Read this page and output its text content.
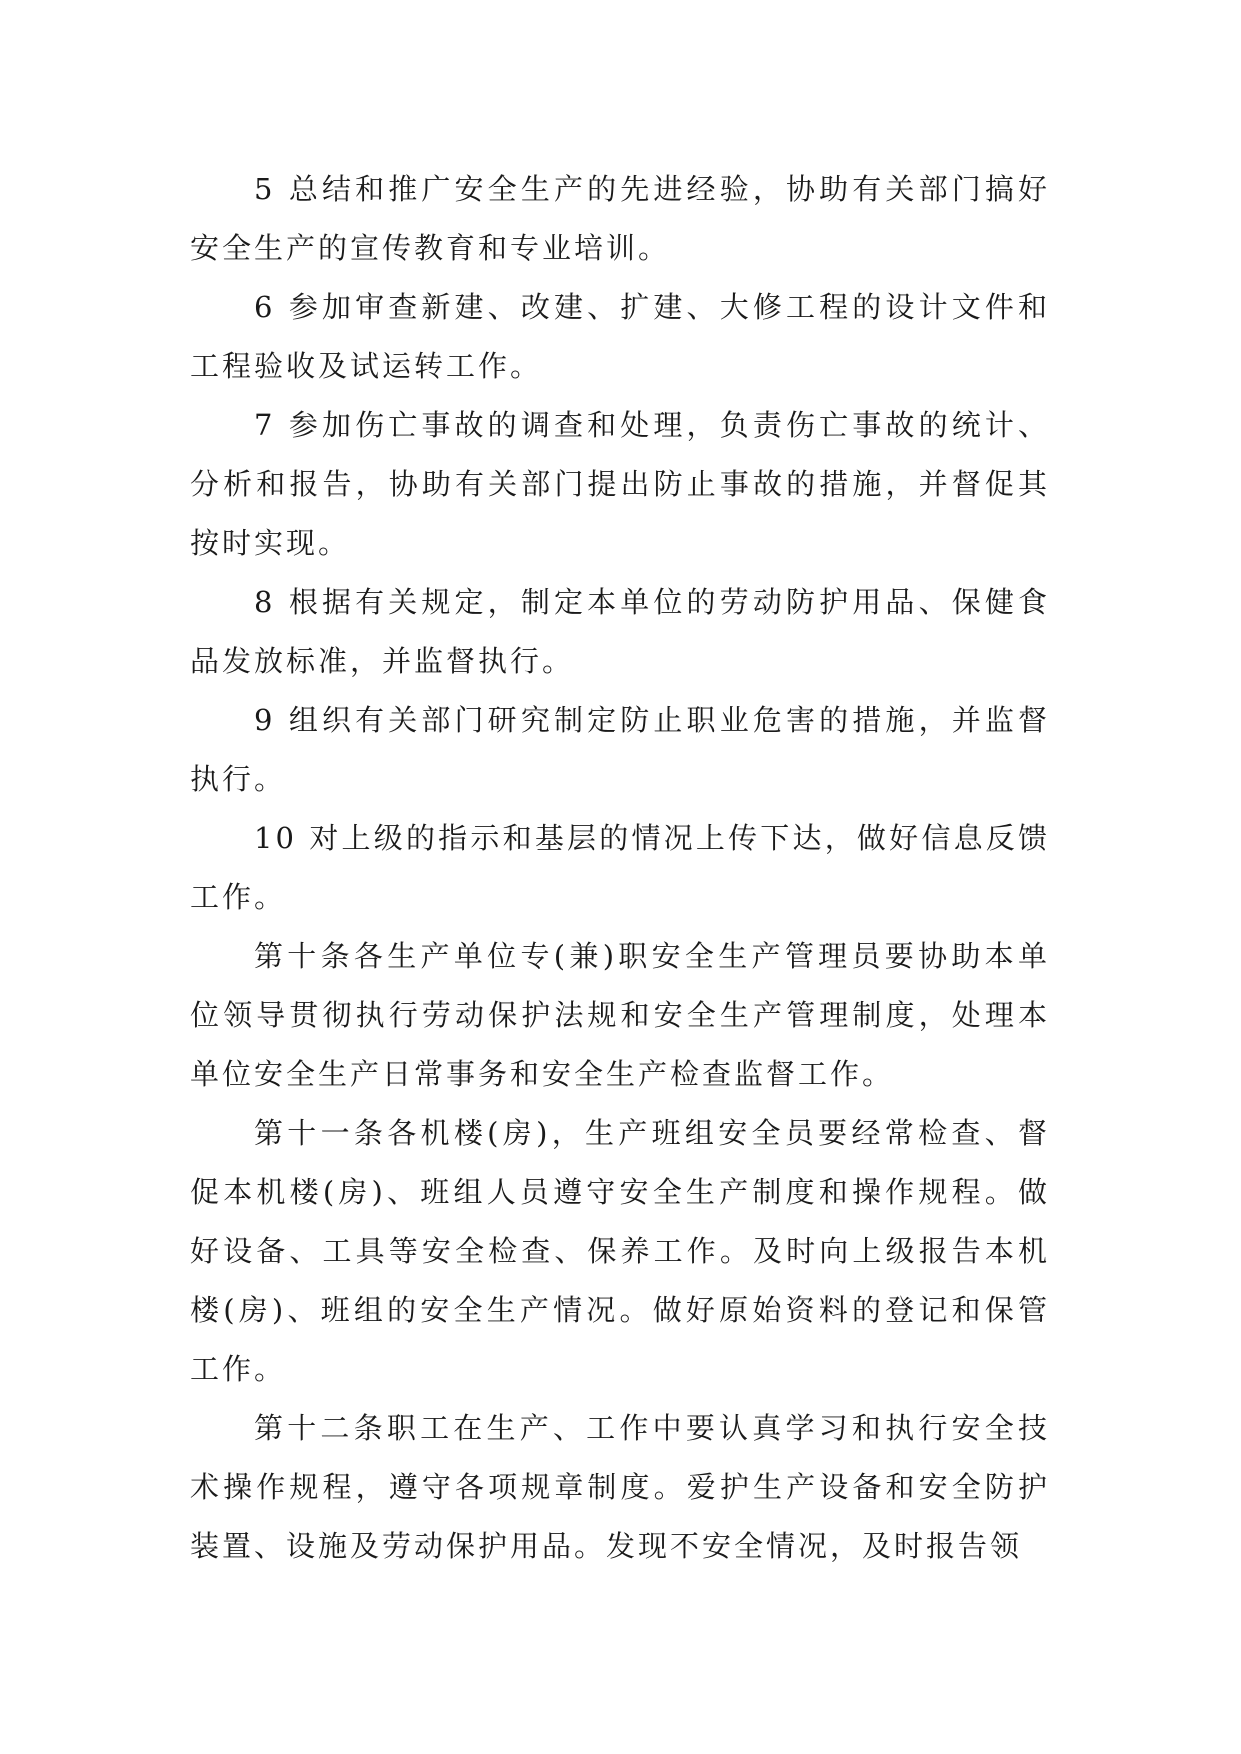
5 总结和推广安全生产的先进经验，协助有关部门搞好安全生产的宣传教育和专业培训。

6 参加审查新建、改建、扩建、大修工程的设计文件和工程验收及试运转工作。

7 参加伤亡事故的调查和处理，负责伤亡事故的统计、分析和报告，协助有关部门提出防止事故的措施，并督促其按时实现。

8 根据有关规定，制定本单位的劳动防护用品、保健食品发放标准，并监督执行。

9 组织有关部门研究制定防止职业危害的措施，并监督执行。

10 对上级的指示和基层的情况上传下达，做好信息反馈工作。

第十条各生产单位专(兼)职安全生产管理员要协助本单位领导贯彻执行劳动保护法规和安全生产管理制度，处理本单位安全生产日常事务和安全生产检查监督工作。

第十一条各机楼(房)，生产班组安全员要经常检查、督促本机楼(房)、班组人员遵守安全生产制度和操作规程。做好设备、工具等安全检查、保养工作。及时向上级报告本机楼(房)、班组的安全生产情况。做好原始资料的登记和保管工作。

第十二条职工在生产、工作中要认真学习和执行安全技术操作规程，遵守各项规章制度。爱护生产设备和安全防护装置、设施及劳动保护用品。发现不安全情况，及时报告领
